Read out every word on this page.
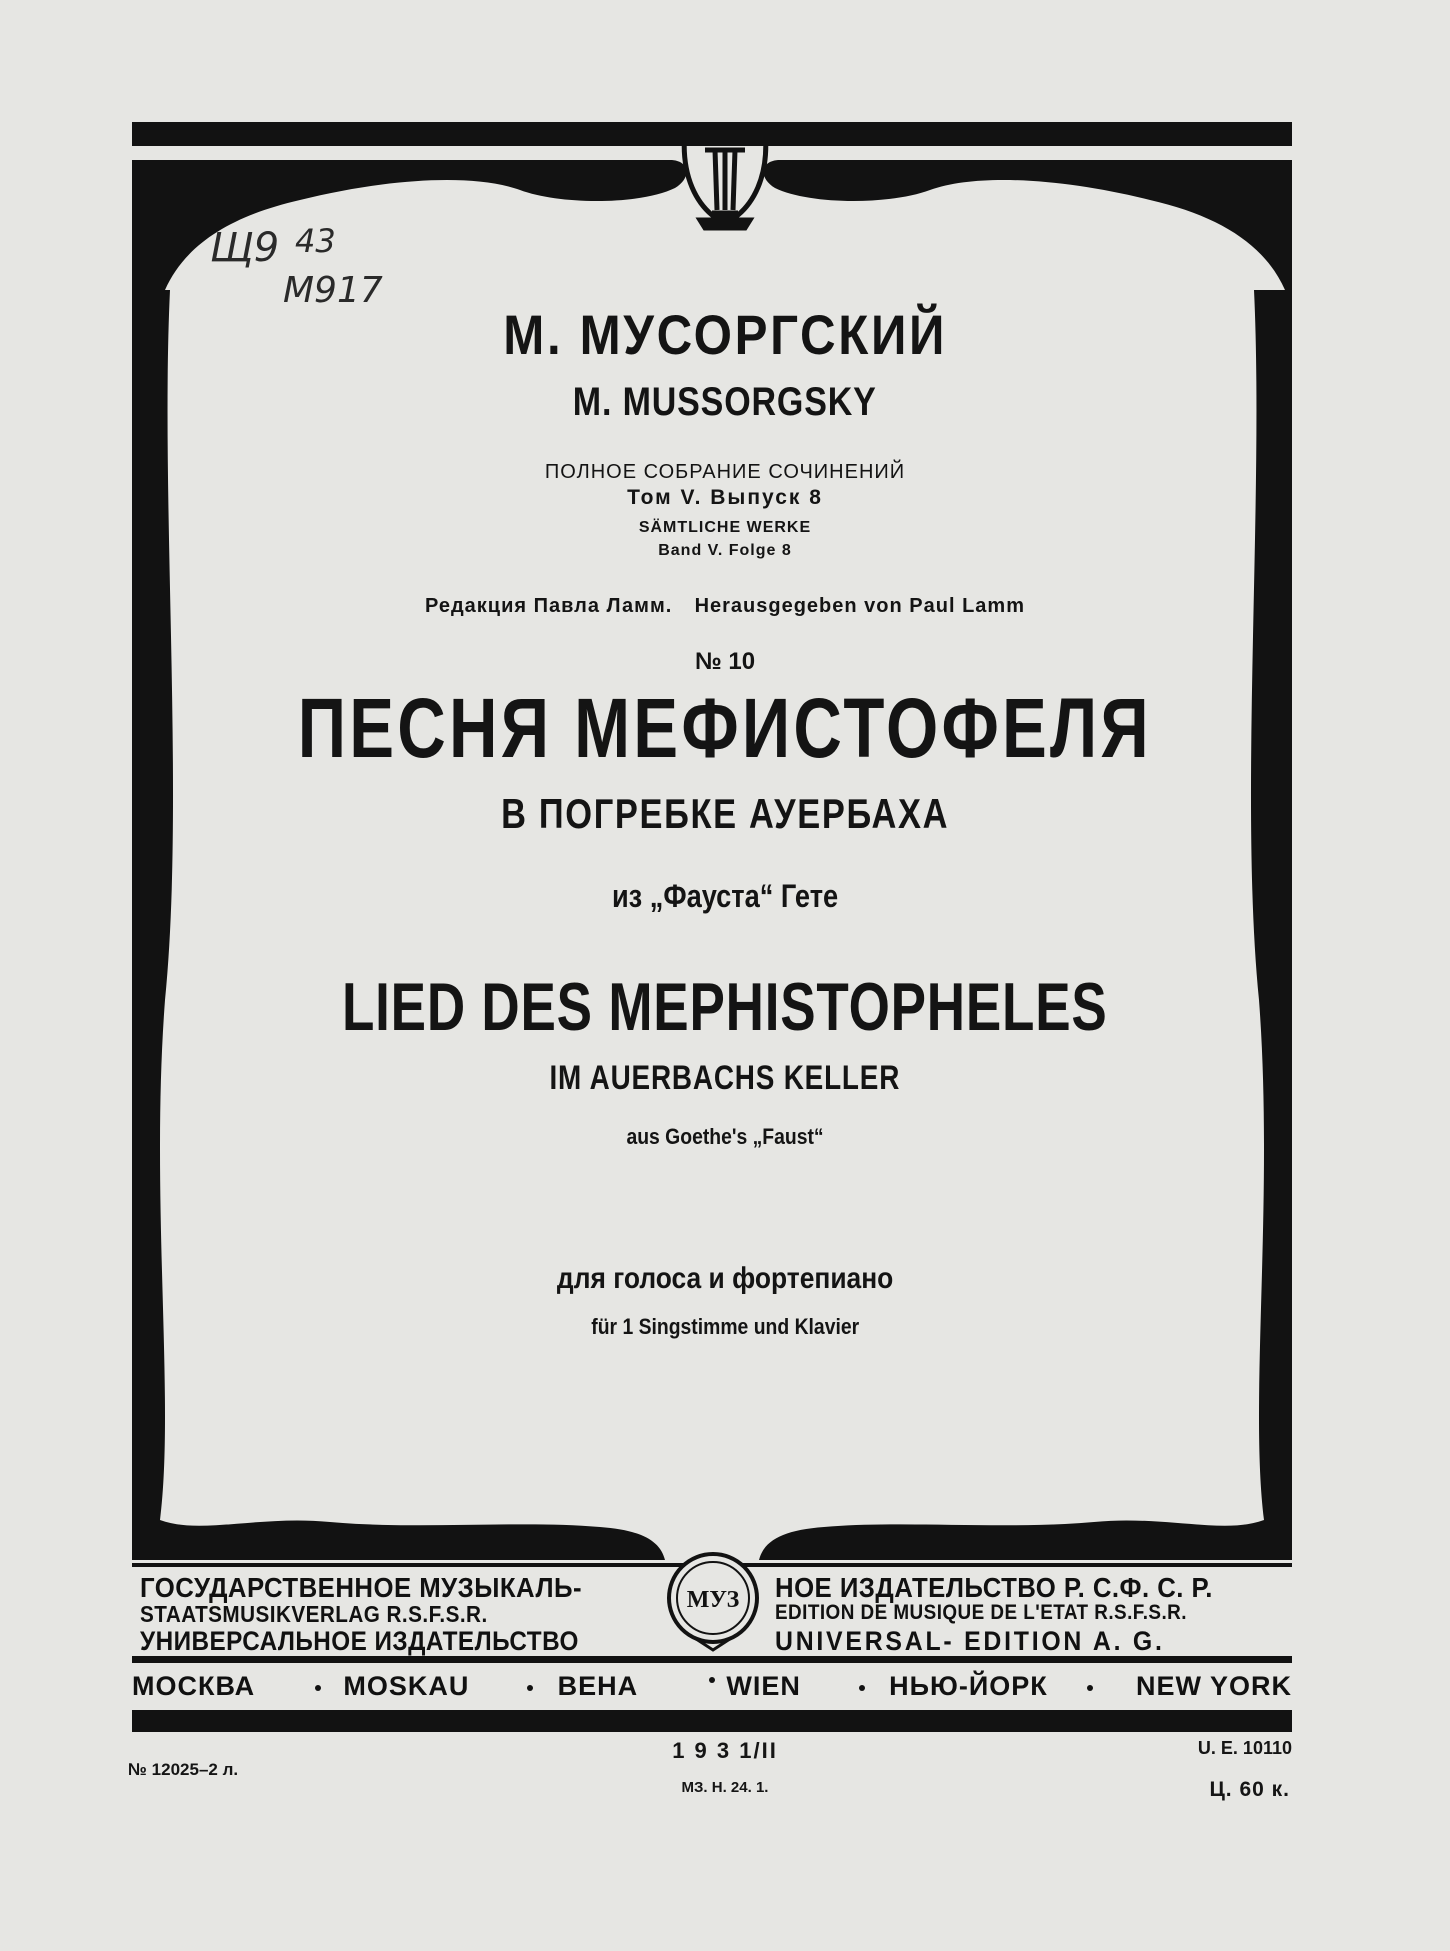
МУЗ
Щ9 43
M917
М. МУСОРГСКИЙ
M. MUSSORGSKY
ПОЛНОЕ СОБРАНИЕ СОЧИНЕНИЙ
Том V. Выпуск 8
SÄMTLICHE WERKE
Band V. Folge 8
Редакция Павла Ламм. Herausgegeben von Paul Lamm
№ 10
ПЕСНЯ МЕФИСТОФЕЛЯ
В ПОГРЕБКЕ АУЕРБАХА
из „Фауста“ Гете
LIED DES MEPHISTOPHELES
IM AUERBACHS KELLER
aus Goethe's „Faust“
для голоса и фортепиано
für 1 Singstimme und Klavier
ГОСУДАРСТВЕННОЕ МУЗЫКАЛЬ-
STAATSMUSIKVERLAG R.S.F.S.R.
УНИВЕРСАЛЬНОЕ ИЗДАТЕЛЬСТВО
НОЕ ИЗДАТЕЛЬСТВО Р. С.Ф. С. Р.
EDITION DE MUSIQUE DE L'ETAT R.S.F.S.R.
UNIVERSAL- EDITION A. G.
МОСКВА	MOSKAU	ВЕНА	WIEN	НЬЮ-ЙОРК	NEW YORK
№ 12025–2 л.
1 9 3 1/II
МЗ. Н. 24. 1.
U. E. 10110
Ц. 60 к.
